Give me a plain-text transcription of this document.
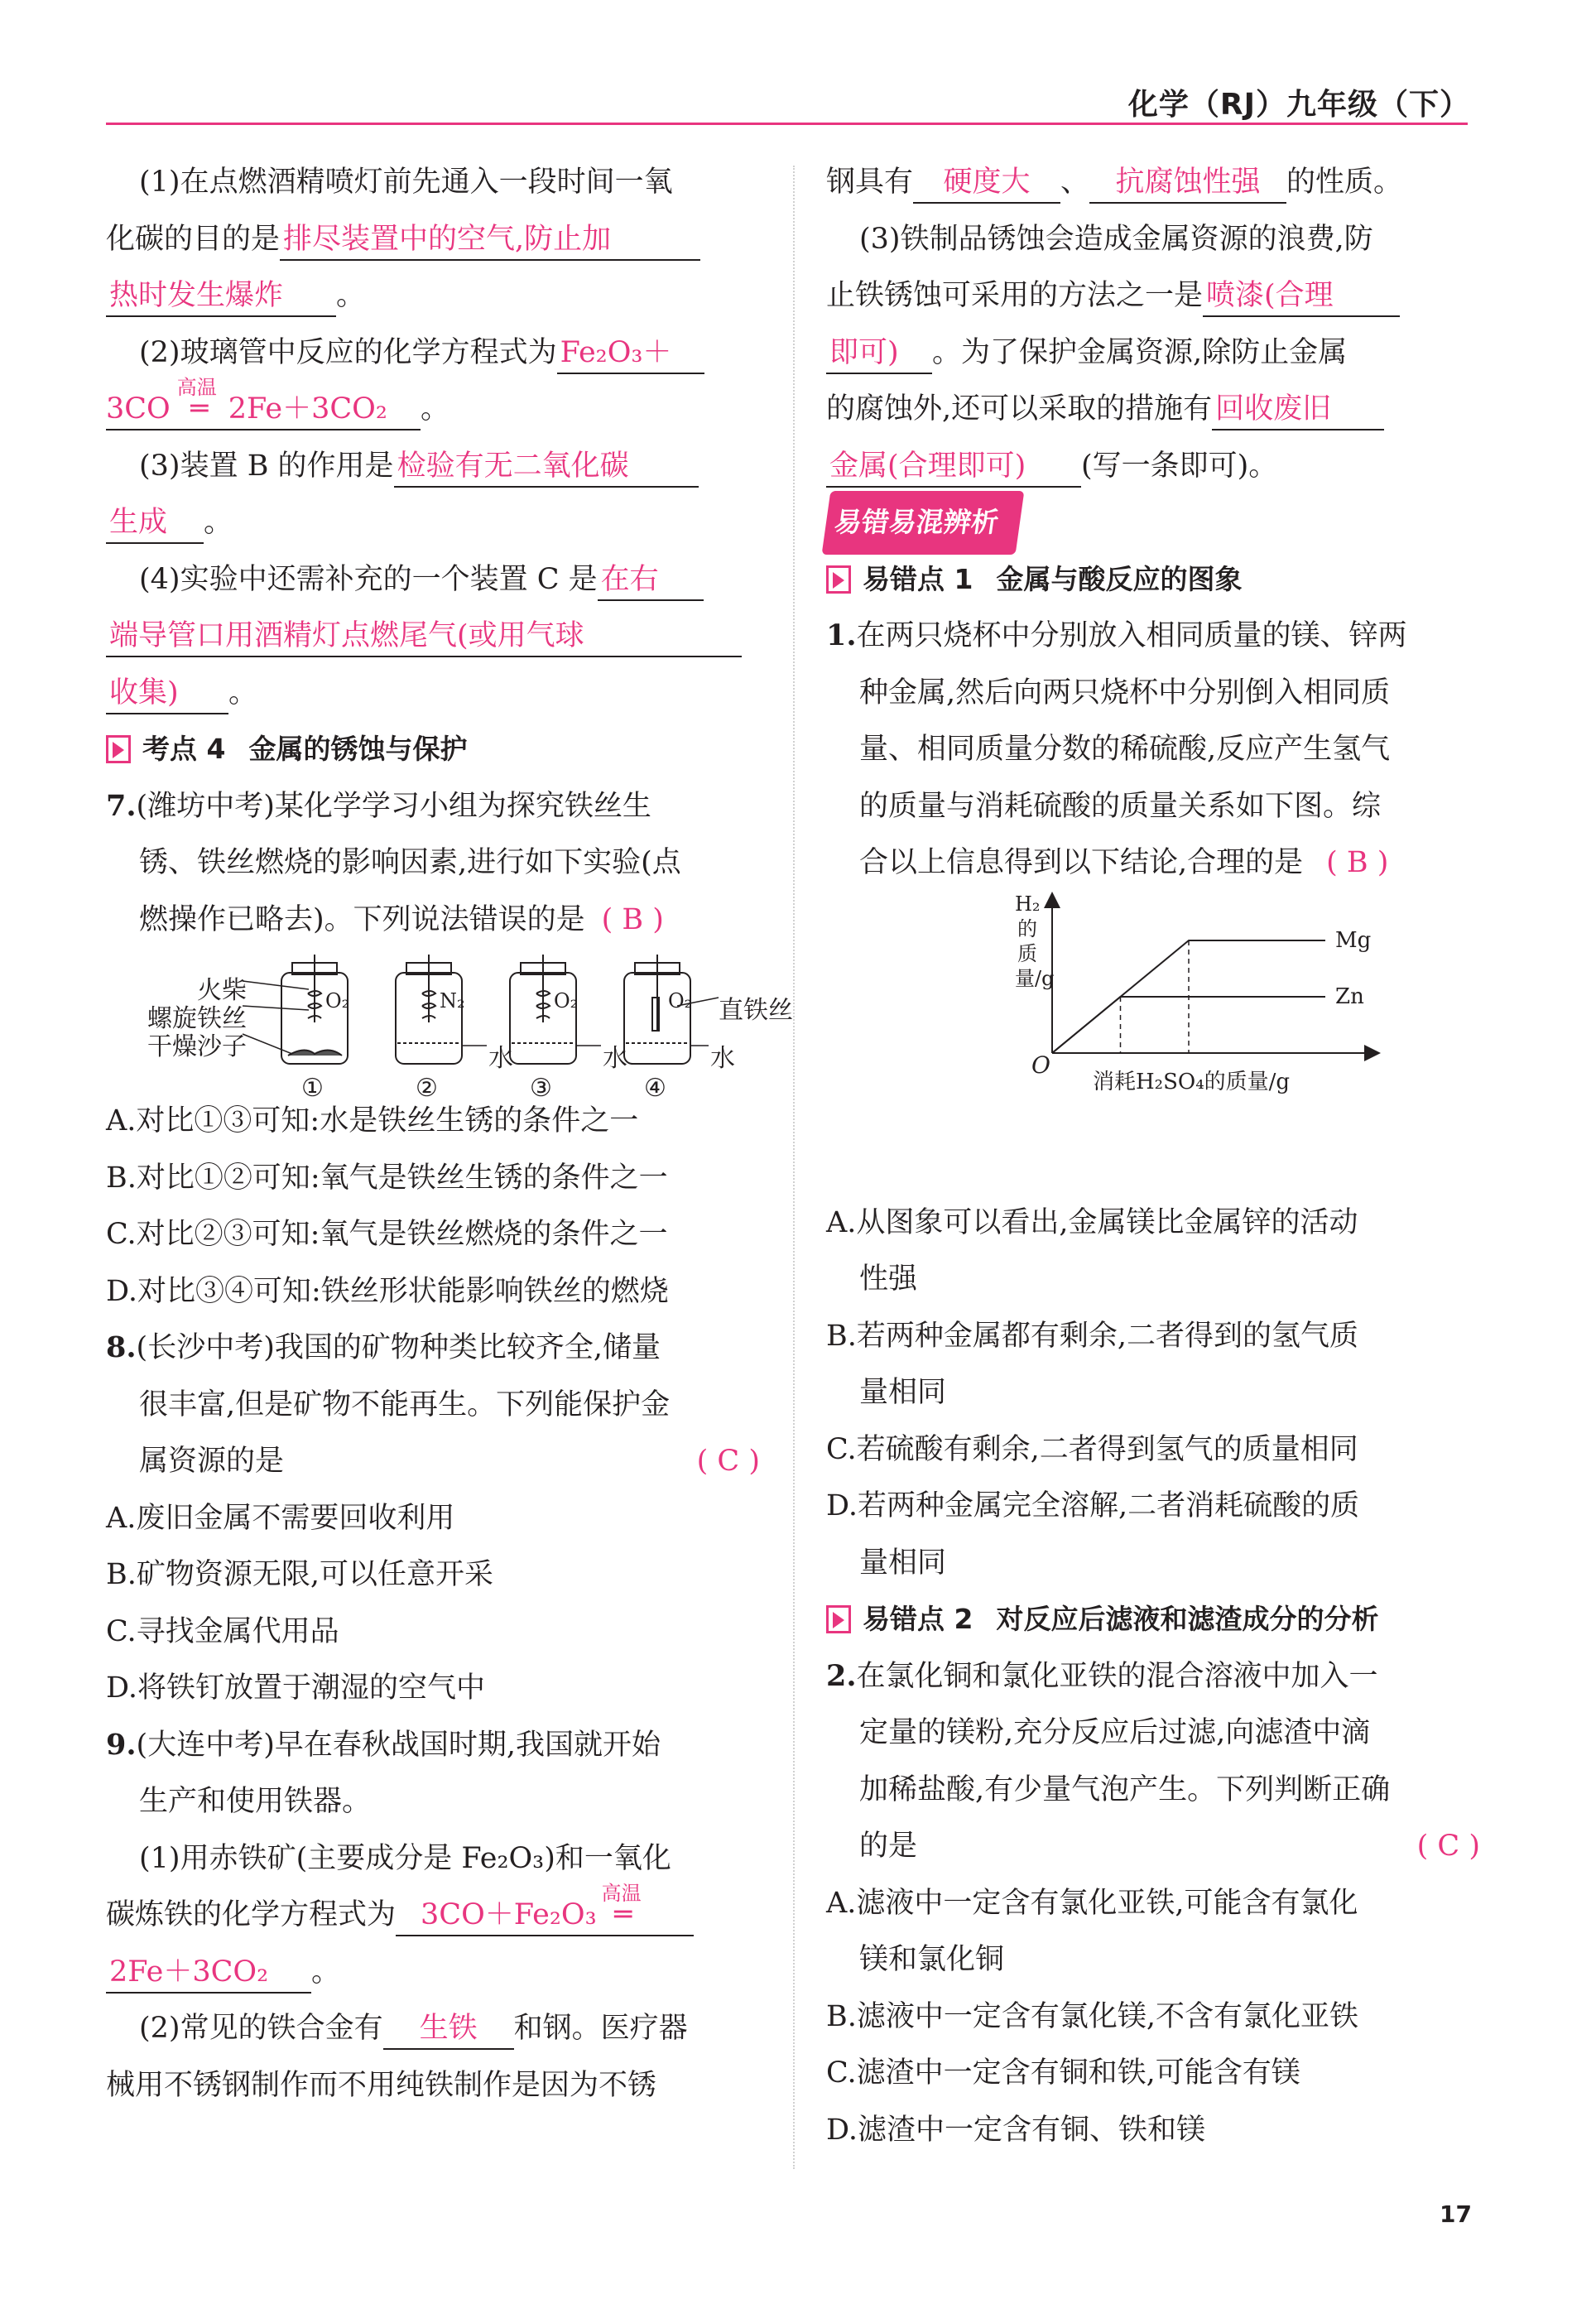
化学（RJ）九年级（下）
(1)在点燃酒精喷灯前先通入一段时间一氧
化碳的目的是 排尽装置中的空气,防止加
热时发生爆炸 。
(2)玻璃管中反应的化学方程式为 Fe₂O₃＋
3CO
高温
═ 2Fe＋3CO₂ 。
(3)装置 B 的作用是 检验有无二氧化碳
生成 。
(4)实验中还需补充的一个装置 C 是 在右
端导管口用酒精灯点燃尾气(或用气球
收集) 。
考点 4 金属的锈蚀与保护
7.(潍坊中考)某化学学习小组为探究铁丝生
锈、铁丝燃烧的影响因素,进行如下实验(点
燃操作已略去)。下列说法错误的是 ( B )
火柴
螺旋铁丝
干燥沙子
O₂	N₂	O₂	O₂ 直铁丝
水	水	水
①	②	③	④
A.对比①③可知:水是铁丝生锈的条件之一
B.对比①②可知:氧气是铁丝生锈的条件之一
C.对比②③可知:氧气是铁丝燃烧的条件之一
D.对比③④可知:铁丝形状能影响铁丝的燃烧
8.(长沙中考)我国的矿物种类比较齐全,储量
很丰富,但是矿物不能再生。下列能保护金
属资源的是	( C )
A.废旧金属不需要回收利用
B.矿物资源无限,可以任意开采
C.寻找金属代用品
D.将铁钉放置于潮湿的空气中
9.(大连中考)早在春秋战国时期,我国就开始
生产和使用铁器。
(1)用赤铁矿(主要成分是 Fe₂O₃)和一氧化
碳炼铁的化学方程式为 3CO＋Fe₂O₃
高温
═
2Fe＋3CO₂ 。
(2)常见的铁合金有 生铁 和钢。医疗器
械用不锈钢制作而不用纯铁制作是因为不锈
钢具有 硬度大 、 抗腐蚀性强 的性质。
(3)铁制品锈蚀会造成金属资源的浪费,防
止铁锈蚀可采用的方法之一是 喷漆(合理
即可) 。为了保护金属资源,除防止金属
的腐蚀外,还可以采取的措施有 回收废旧
金属(合理即可) (写一条即可)。
易错易混辨析
易错点 1 金属与酸反应的图象
1.在两只烧杯中分别放入相同质量的镁、锌两
种金属,然后向两只烧杯中分别倒入相同质
量、相同质量分数的稀硫酸,反应产生氢气
的质量与消耗硫酸的质量关系如下图。综
合以上信息得到以下结论,合理的是 ( B )
Mg
Zn
H₂的质量/g
O
消耗H₂SO₄的质量/g
A.从图象可以看出,金属镁比金属锌的活动
性强
B.若两种金属都有剩余,二者得到的氢气质
量相同
C.若硫酸有剩余,二者得到氢气的质量相同
D.若两种金属完全溶解,二者消耗硫酸的质
量相同
易错点 2 对反应后滤液和滤渣成分的分析
2.在氯化铜和氯化亚铁的混合溶液中加入一
定量的镁粉,充分反应后过滤,向滤渣中滴
加稀盐酸,有少量气泡产生。下列判断正确
的是	( C )
A.滤液中一定含有氯化亚铁,可能含有氯化
镁和氯化铜
B.滤液中一定含有氯化镁,不含有氯化亚铁
C.滤渣中一定含有铜和铁,可能含有镁
D.滤渣中一定含有铜、铁和镁
17
